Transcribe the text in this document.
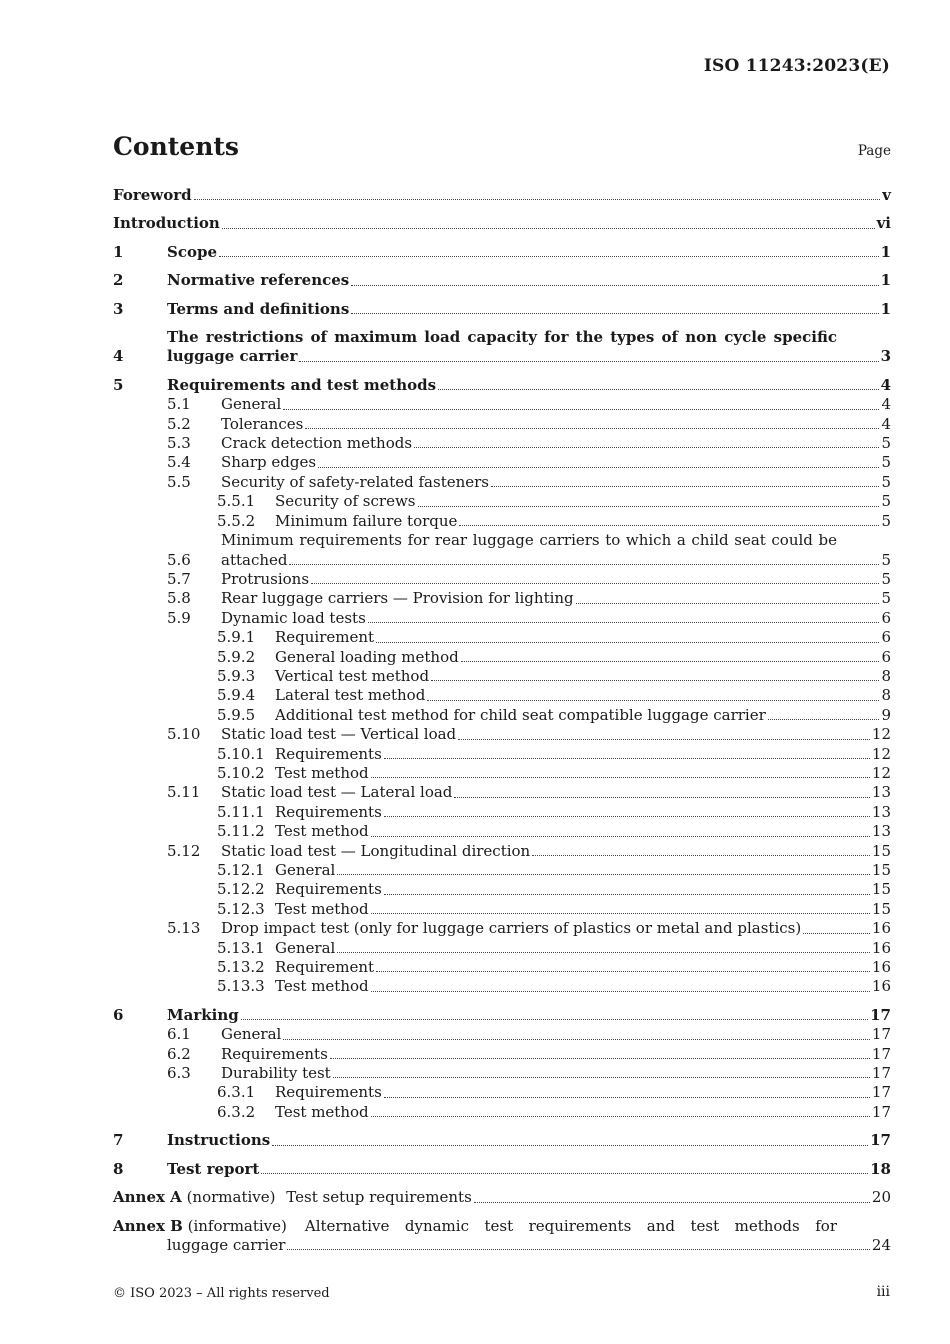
ISO 11243:2023(E)
Contents	Page
Foreword	v
Introduction	vi
1	Scope	1
2	Normative references	1
3	Terms and definitions	1
4
The restrictions of maximum load capacity for the types of non cycle specific
luggage carrier	3
5	Requirements and test methods	4
5.1	General	4
5.2	Tolerances	4
5.3	Crack detection methods	5
5.4	Sharp edges	5
5.5	Security of safety-related fasteners	5
5.5.1	Security of screws	5
5.5.2	Minimum failure torque	5
5.6
Minimum requirements for rear luggage carriers to which a child seat could be
attached	5
5.7	Protrusions	5
5.8	Rear luggage carriers — Provision for lighting	5
5.9	Dynamic load tests	6
5.9.1	Requirement	6
5.9.2	General loading method	6
5.9.3	Vertical test method	8
5.9.4	Lateral test method	8
5.9.5	Additional test method for child seat compatible luggage carrier	9
5.10	Static load test — Vertical load	12
5.10.1 Requirements	12
5.10.2 Test method	12
5.11	Static load test — Lateral load	13
5.11.1 Requirements	13
5.11.2 Test method	13
5.12	Static load test — Longitudinal direction	15
5.12.1 General	15
5.12.2 Requirements	15
5.12.3 Test method	15
5.13	Drop impact test (only for luggage carriers of plastics or metal and plastics)	16
5.13.1 General	16
5.13.2 Requirement	16
5.13.3 Test method	16
6	Marking	17
6.1	General	17
6.2	Requirements	17
6.3	Durability test	17
6.3.1	Requirements	17
6.3.2	Test method	17
7	Instructions	17
8	Test report	18
Annex A (normative) Test setup requirements	20
Annex B (informative) Alternative dynamic test requirements and test methods for
luggage carrier	24
© ISO 2023 – All rights reserved	iii
